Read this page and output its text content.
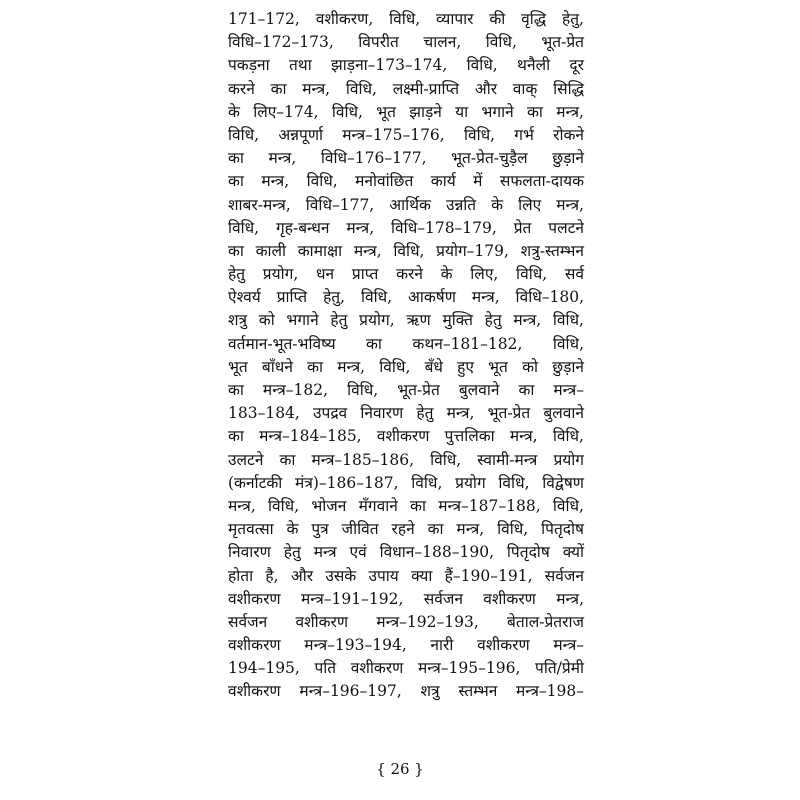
171–172, वशीकरण, विधि, व्यापार की वृद्धि हेतु,
विधि–172–173, विपरीत चालन, विधि, भूत-प्रेत
पकड़ना तथा झाड़ना–173–174, विधि, थनैली दूर
करने का मन्त्र, विधि, लक्ष्मी-प्राप्ति और वाक् सिद्धि
के लिए–174, विधि, भूत झाड़ने या भगाने का मन्त्र,
विधि, अन्नपूर्णा मन्त्र–175–176, विधि, गर्भ रोकने
का मन्त्र, विधि–176–177, भूत-प्रेत-चुड़ैल छुड़ाने
का मन्त्र, विधि, मनोवांछित कार्य में सफलता-दायक
शाबर-मन्त्र, विधि–177, आर्थिक उन्नति के लिए मन्त्र,
विधि, गृह-बन्धन मन्त्र, विधि–178–179, प्रेत पलटने
का काली कामाक्षा मन्त्र, विधि, प्रयोग–179, शत्रु-स्तम्भन
हेतु प्रयोग, धन प्राप्त करने के लिए, विधि, सर्व
ऐश्वर्य प्राप्ति हेतु, विधि, आकर्षण मन्त्र, विधि–180,
शत्रु को भगाने हेतु प्रयोग, ऋण मुक्ति हेतु मन्त्र, विधि,
वर्तमान-भूत-भविष्य का कथन–181–182, विधि,
भूत बाँधने का मन्त्र, विधि, बँधे हुए भूत को छुड़ाने
का मन्त्र–182, विधि, भूत-प्रेत बुलवाने का मन्त्र–
183–184, उपद्रव निवारण हेतु मन्त्र, भूत-प्रेत बुलवाने
का मन्त्र–184–185, वशीकरण पुत्तलिका मन्त्र, विधि,
उलटने का मन्त्र–185–186, विधि, स्वामी-मन्त्र प्रयोग
(कर्नाटकी मंत्र)–186–187, विधि, प्रयोग विधि, विद्वेषण
मन्त्र, विधि, भोजन मँगवाने का मन्त्र–187–188, विधि,
मृतवत्सा के पुत्र जीवित रहने का मन्त्र, विधि, पितृदोष
निवारण हेतु मन्त्र एवं विधान–188–190, पितृदोष क्यों
होता है, और उसके उपाय क्या हैं–190–191, सर्वजन
वशीकरण मन्त्र–191–192, सर्वजन वशीकरण मन्त्र,
सर्वजन वशीकरण मन्त्र–192–193, बेताल-प्रेतराज
वशीकरण मन्त्र–193–194, नारी वशीकरण मन्त्र–
194–195, पति वशीकरण मन्त्र–195–196, पति/प्रेमी
वशीकरण मन्त्र–196–197, शत्रु स्तम्भन मन्त्र–198–
{ 26 }
